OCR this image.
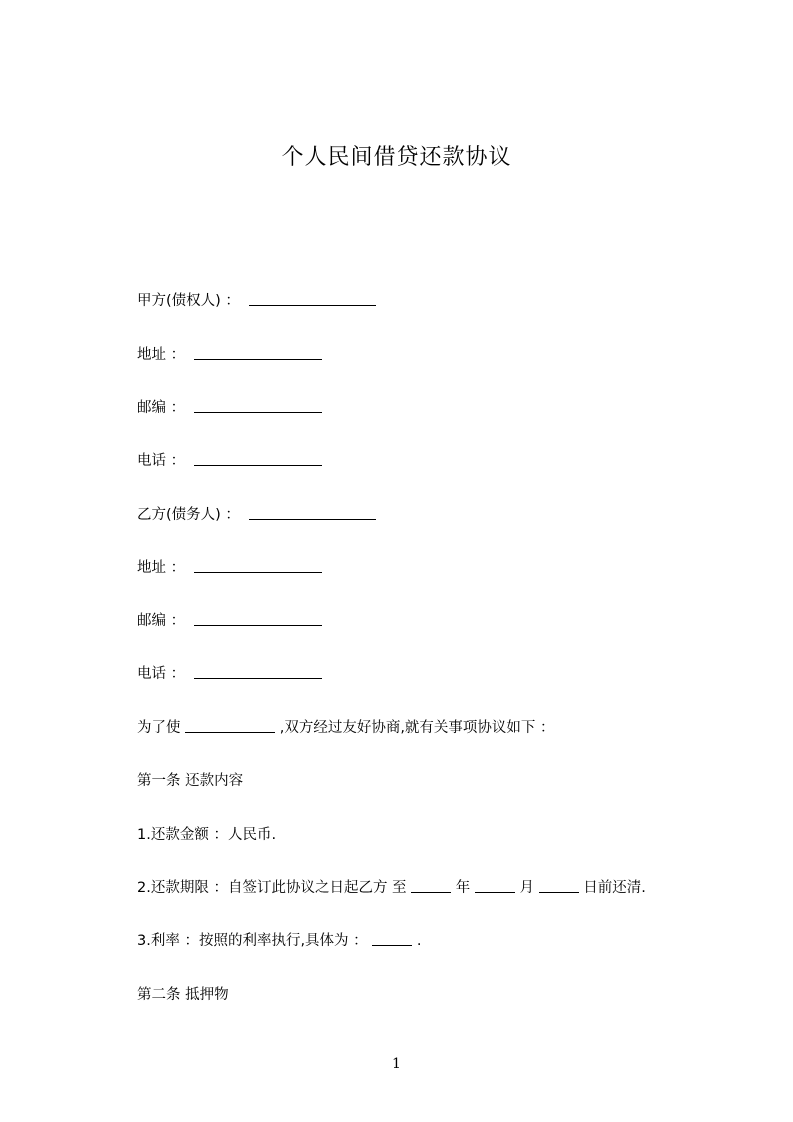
个人民间借贷还款协议
甲方(债权人) ：
地址 ：
邮编 ：
电话 ：
乙方(债务人) ：
地址 ：
邮编 ：
电话 ：
为了使	,双方经过友好协商,就有关事项协议如下 ：
第一条 还款内容
1.还款金额 ：人民币.
2.还款期限 ：自签订此协议之日起乙方 至	年	月	日前还清.
3.利率 ：按照的利率执行,具体为 ：	.
第二条 抵押物
1
